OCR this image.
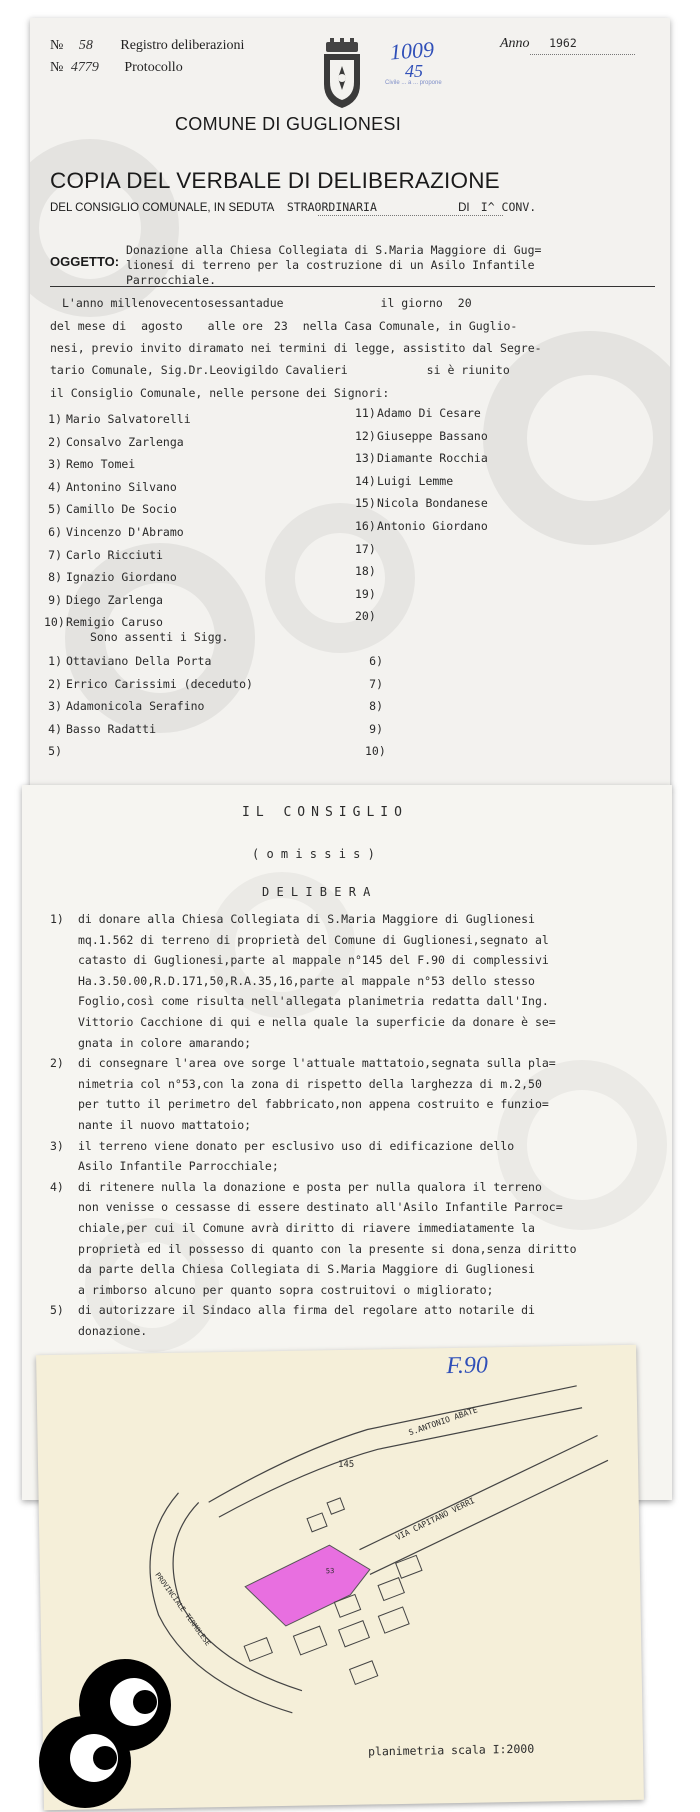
№ 58 Registro deliberazioni
№ 4779 Protocollo
Anno 1962
1009
45
Civile ... a ... propone
COMUNE DI GUGLIONESI
COPIA DEL VERBALE DI DELIBERAZIONE
DEL CONSIGLIO COMUNALE, IN SEDUTA STRAORDINARIA	DI I^ CONV.
OGGETTO:
Donazione alla Chiesa Collegiata di S.Maria Maggiore di Gug=
lionesi di terreno per la costruzione di un Asilo Infantile
Parrocchiale.
L'anno millenovecentosessantadue	il giorno 20
del mese di agosto alle ore 23 nella Casa Comunale, in Guglio-
nesi, previo invito diramato nei termini di legge, assistito dal Segre-
tario Comunale, Sig.Dr.Leovigildo Cavalieri	si è riunito
il Consiglio Comunale, nelle persone dei Signori:
1) Mario Salvatorelli
2) Consalvo Zarlenga
3) Remo Tomei
4) Antonino Silvano
5) Camillo De Socio
6) Vincenzo D'Abramo
7) Carlo Ricciuti
8) Ignazio Giordano
9) Diego Zarlenga
10)Remigio Caruso
11)Adamo Di Cesare
12)Giuseppe Bassano
13)Diamante Rocchia
14)Luigi Lemme
15)Nicola Bondanese
16)Antonio Giordano
17)
18)
19)
20)
Sono assenti i Sigg.
1) Ottaviano Della Porta
2) Errico Carissimi (deceduto)
3) Adamonicola Serafino
4) Basso Radatti
5)
6)
7)
8)
9)
10)
IL CONSIGLIO
( o m i s s i s )
D E L I B E R A
1) di donare alla Chiesa Collegiata di S.Maria Maggiore di Guglionesi

mq.1.562 di terreno di proprietà del Comune di Guglionesi,segnato al

catasto di Guglionesi,parte al mappale n°145 del F.90 di complessivi

Ha.3.50.00,R.D.171,50,R.A.35,16,parte al mappale n°53 dello stesso

Foglio,così come risulta nell'allegata planimetria redatta dall'Ing.

Vittorio Cacchione di qui e nella quale la superficie da donare è se=

gnata in colore amarando;

2) di consegnare l'area ove sorge l'attuale mattatoio,segnata sulla pla=

nimetria col n°53,con la zona di rispetto della larghezza di m.2,50

per tutto il perimetro del fabbricato,non appena costruito e funzio=

nante il nuovo mattatoio;

3) il terreno viene donato per esclusivo uso di edificazione dello

Asilo Infantile Parrocchiale;

4) di ritenere nulla la donazione e posta per nulla qualora il terreno

non venisse o cessasse di essere destinato all'Asilo Infantile Parroc=

chiale,per cui il Comune avrà diritto di riavere immediatamente la

proprietà ed il possesso di quanto con la presente si dona,senza diritto

da parte della Chiesa Collegiata di S.Maria Maggiore di Guglionesi

a rimborso alcuno per quanto sopra costruitovi o migliorato;

5) di autorizzare il Sindaco alla firma del regolare atto notarile di

donazione.

F.90
S.ANTONIO ABATE
VIA CAPITANO VERRI
PROVINCIALE TERMOLESE
145
53
planimetria scala I:2000
